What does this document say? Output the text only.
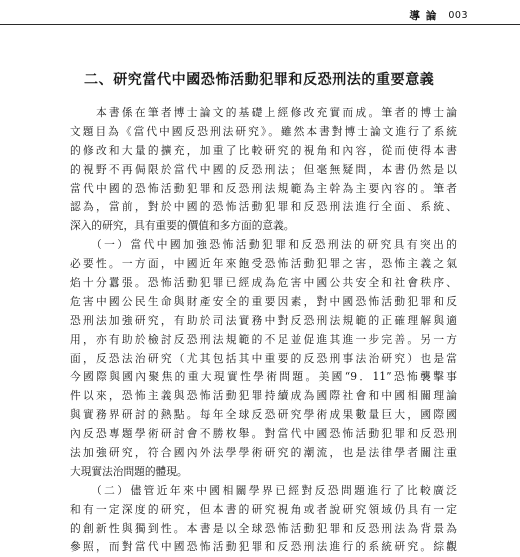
導論 003
二、研究當代中國恐怖活動犯罪和反恐刑法的重要意義
　　本書係在筆者博士論文的基礎上經修改充實而成。筆者的博士論
文題目為《當代中國反恐刑法研究》。雖然本書對博士論文進行了系統
的修改和大量的擴充，加重了比較研究的視角和內容，從而使得本書
的視野不再侷限於當代中國的反恐刑法；但毫無疑問，本書仍然是以
當代中國的恐怖活動犯罪和反恐刑法規範為主幹為主要內容的。筆者
認為，當前，對於中國的恐怖活動犯罪和反恐刑法進行全面、系統、
深入的研究，具有重要的價值和多方面的意義。
　　（一）當代中國加強恐怖活動犯罪和反恐刑法的研究具有突出的
必要性。一方面，中國近年來飽受恐怖活動犯罪之害，恐怖主義之氣
焰十分囂張。恐怖活動犯罪已經成為危害中國公共安全和社會秩序、
危害中國公民生命與財產安全的重要因素，對中國恐怖活動犯罪和反
恐刑法加強研究，有助於司法實務中對反恐刑法規範的正確理解與適
用，亦有助於檢討反恐刑法規範的不足並促進其進一步完善。另一方
面，反恐法治研究（尤其包括其中重要的反恐刑事法治研究）也是當
今國際與國內聚焦的重大現實性學術問題。美國“9．11”恐怖襲擊事
件以來，恐怖主義與恐怖活動犯罪持續成為國際社會和中國相關理論
與實務界研討的熱點。每年全球反恐研究學術成果數量巨大，國際國
內反恐專題學術研討會不勝枚舉。對當代中國恐怖活動犯罪和反恐刑
法加強研究，符合國內外法學學術研究的潮流，也是法律學者關注重
大現實法治問題的體現。
　　（二）儘管近年來中國相關學界已經對反恐問題進行了比較廣泛
和有一定深度的研究，但本書的研究視角或者說研究領域仍具有一定
的創新性與獨到性。本書是以全球恐怖活動犯罪和反恐刑法為背景為
參照，而對當代中國恐怖活動犯罪和反恐刑法進行的系統研究。綜觀
